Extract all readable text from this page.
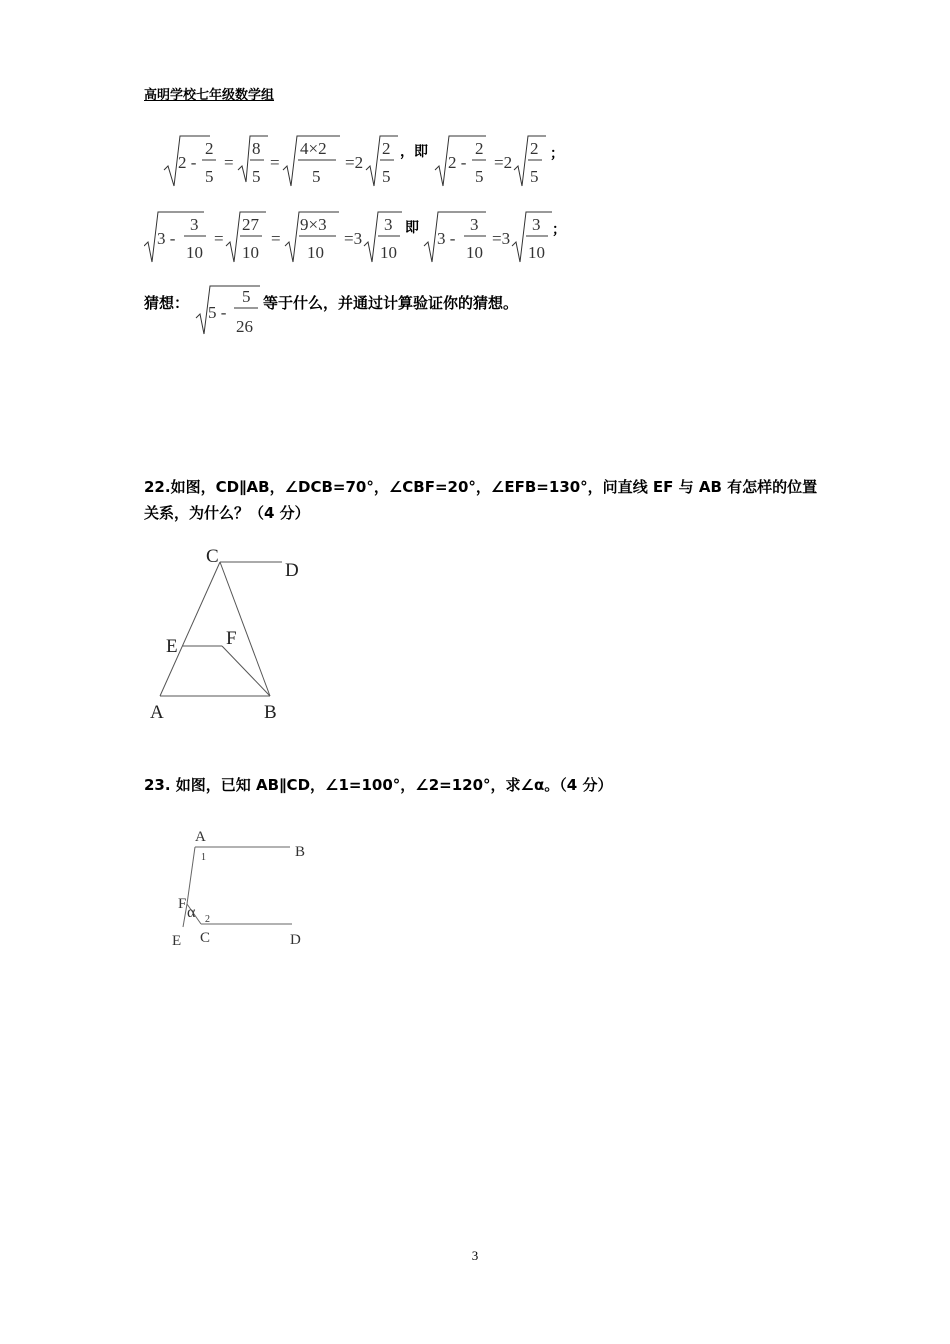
高明学校七年级数学组
2 -
2
5
=
8
5
=
4×2
5
=2
2
5
，即
2 -
2
5
=2
2
5
；
3 -
3
10
=
27
10
=
9×3
10
=3
3
10
即
3 -
3
10
=3
3
10
；
猜想： 5 -
5
26
等于什么，并通过计算验证你的猜想。
22.如图，CD∥AB，∠DCB=70°，∠CBF=20°，∠EFB=130°，问直线 EF 与 AB 有怎样的位置
关系，为什么？（4 分）
C
D
E	F
A	B
23. 如图，已知 AB∥CD，∠1=100°，∠2=120°，求∠α。（4 分）
A
B
1
F α 2
E C	D
3
